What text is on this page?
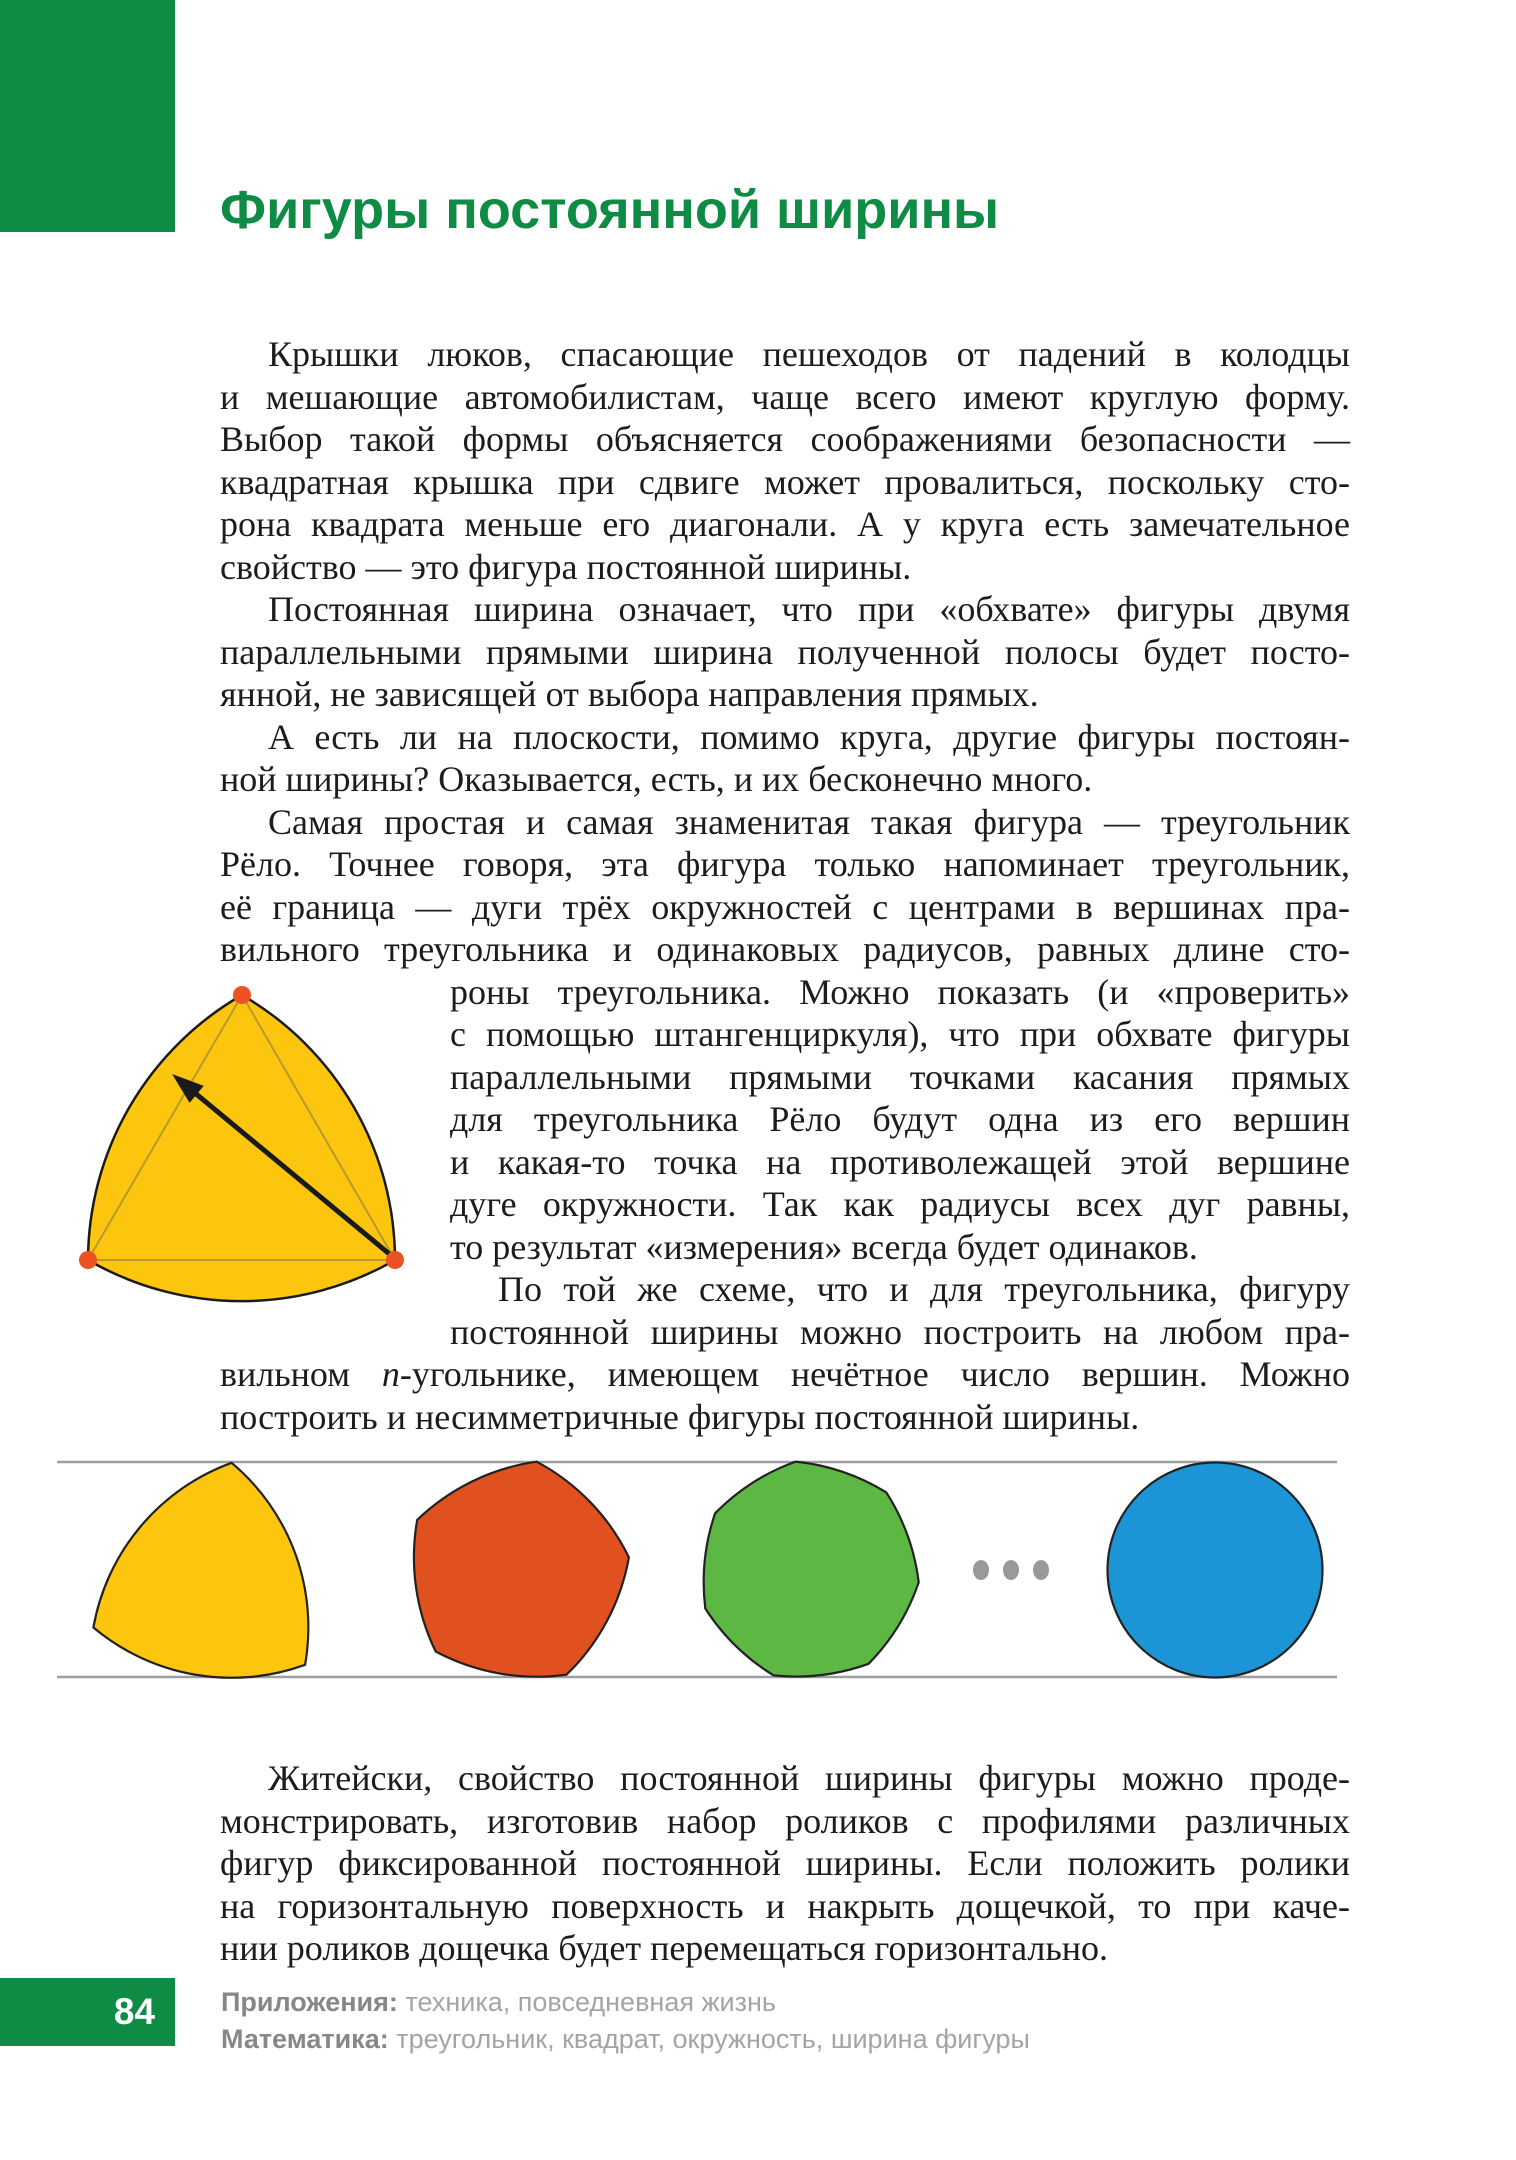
Фигуры постоянной ширины
Крышки люков, спасающие пешеходов от падений в колодцы
и мешающие автомобилистам, чаще всего имеют круглую форму.
Выбор такой формы объясняется соображениями безопасности —
квадратная крышка при сдвиге может провалиться, поскольку сто-
рона квадрата меньше его диагонали. А у круга есть замечательное
свойство — это фигура постоянной ширины.
Постоянная ширина означает, что при «обхвате» фигуры двумя
параллельными прямыми ширина полученной полосы будет посто-
янной, не зависящей от выбора направления прямых.
А есть ли на плоскости, помимо круга, другие фигуры постоян-
ной ширины? Оказывается, есть, и их бесконечно много.
Самая простая и самая знаменитая такая фигура — треугольник
Рёло. Точнее говоря, эта фигура только напоминает треугольник,
её граница — дуги трёх окружностей с центрами в вершинах пра-
вильного треугольника и одинаковых радиусов, равных длине сто-
роны треугольника. Можно показать (и «проверить»
с помощью штангенциркуля), что при обхвате фигуры
параллельными прямыми точками касания прямых
для треугольника Рёло будут одна из его вершин
и какая-то точка на противолежащей этой вершине
дуге окружности. Так как радиусы всех дуг равны,
то результат «измерения» всегда будет одинаков.
По той же схеме, что и для треугольника, фигуру
постоянной ширины можно построить на любом пра-
вильном n-угольнике, имеющем нечётное число вершин. Можно
построить и несимметричные фигуры постоянной ширины.
Житейски, свойство постоянной ширины фигуры можно проде-
монстрировать, изготовив набор роликов с профилями различных
фигур фиксированной постоянной ширины. Если положить ролики
на горизонтальную поверхность и накрыть дощечкой, то при каче-
нии роликов дощечка будет перемещаться горизонтально.
84 Приложения: техника, повседневная жизнь
Математика: треугольник, квадрат, окружность, ширина фигуры
